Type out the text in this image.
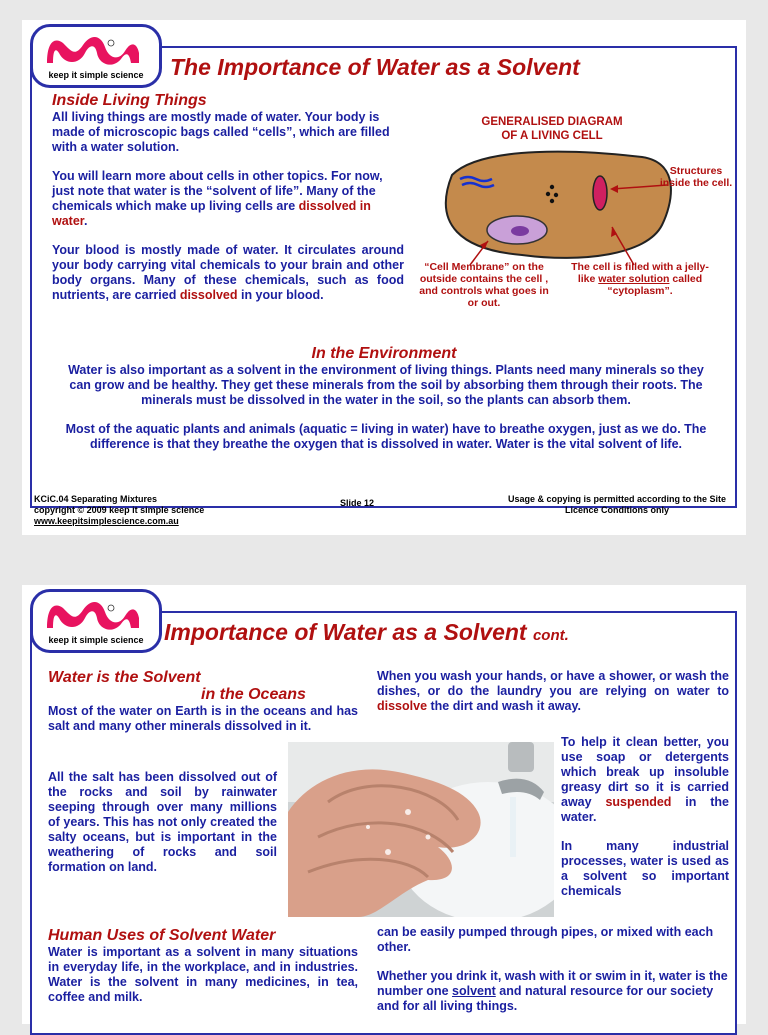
keep it simple science	The Importance of Water as a Solvent
Inside Living Things

All living things are mostly made of water. Your body is made of microscopic bags called “cells”, which are filled with a water solution.

You will learn more about cells in other topics. For now, just note that water is the “solvent of life”. Many of the chemicals which make up living cells are dissolved in water.

Your blood is mostly made of water. It circulates around your body carrying vital chemicals to your brain and other body organs. Many of these chemicals, such as food nutrients, are carried dissolved in your blood.

GENERALISED DIAGRAM
OF A LIVING CELL
Structures inside the cell.
“Cell Membrane” on the outside contains the cell , and controls what goes in or out.
The cell is filled with a jelly-like water solution called “cytoplasm”.
In the Environment

Water is also important as a solvent in the environment of living things. Plants need many minerals so they can grow and be healthy. They get these minerals from the soil by absorbing them through their roots. The minerals must be dissolved in the water in the soil, so the plants can absorb them.

Most of the aquatic plants and animals (aquatic = living in water) have to breathe oxygen, just as we do. The difference is that they breathe the oxygen that is dissolved in water. Water is the vital solvent of life.

KCiC.04 Separating Mixtures
copyright © 2009 keep it simple science
www.keepitsimplescience.com.au
Slide 12	Usage & copying is permitted according to the Site Licence Conditions only
keep it simple science Importance of Water as a Solvent cont.
Water is the Solvent
in the Oceans

Most of the water on Earth is in the oceans and has salt and many other minerals dissolved in it.

All the salt has been dissolved out of the rocks and soil by rainwater seeping through over many millions of years. This has not only created the salty oceans, but is important in the weathering of rocks and soil formation on land.

Human Uses of Solvent Water

Water is important as a solvent in many situations in everyday life, in the workplace, and in industries. Water is the solvent in many medicines, in tea, coffee and milk.

When you wash your hands, or have a shower, or wash the dishes, or do the laundry you are relying on water to dissolve the dirt and wash it away.

To help it clean better, you use soap or detergents which break up insoluble greasy dirt so it is carried away suspended in the water.

In many industrial processes, water is used as a solvent so important chemicals

can be easily pumped through pipes, or mixed with each other.

Whether you drink it, wash with it or swim in it, water is the number one solvent and natural resource for our society and for all living things.
